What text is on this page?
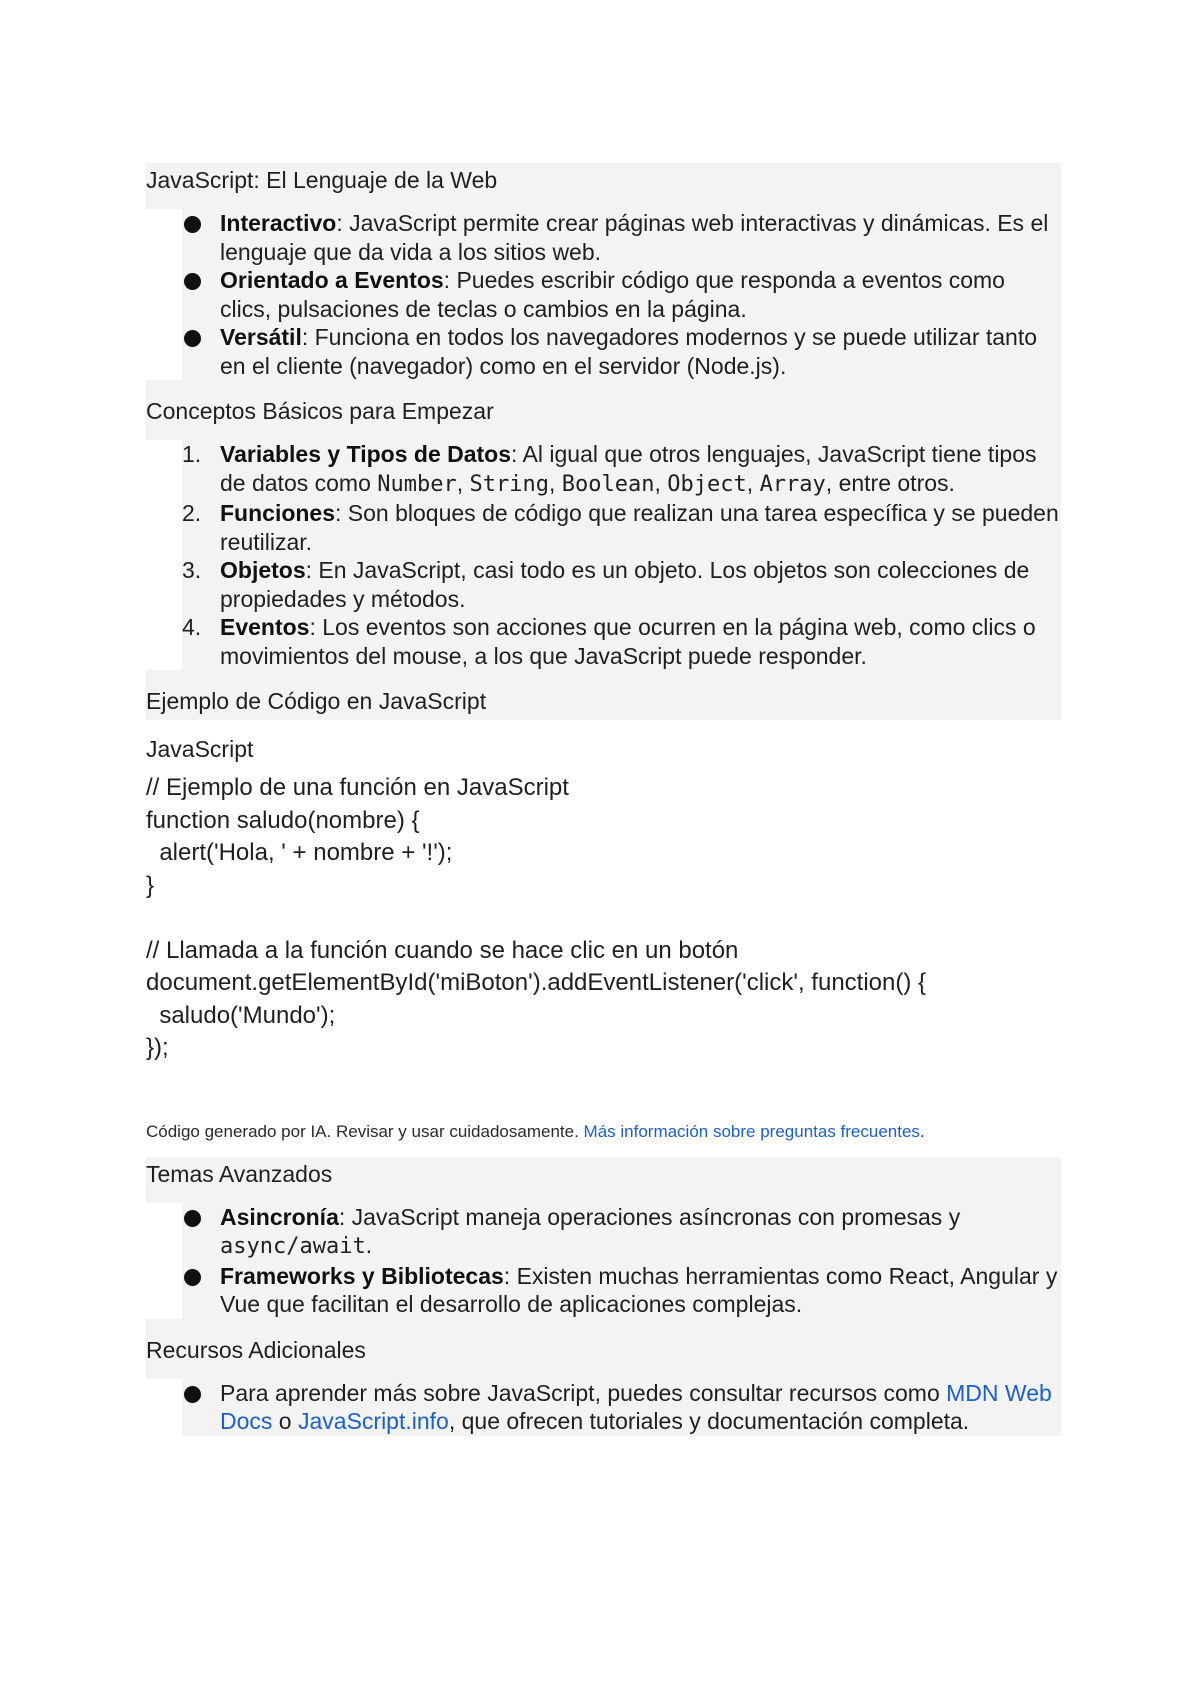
JavaScript: El Lenguaje de la Web
Interactivo: JavaScript permite crear páginas web interactivas y dinámicas. Es el lenguaje que da vida a los sitios web.
Orientado a Eventos: Puedes escribir código que responda a eventos como clics, pulsaciones de teclas o cambios en la página.
Versátil: Funciona en todos los navegadores modernos y se puede utilizar tanto en el cliente (navegador) como en el servidor (Node.js).
Conceptos Básicos para Empezar
1. Variables y Tipos de Datos: Al igual que otros lenguajes, JavaScript tiene tipos de datos como Number, String, Boolean, Object, Array, entre otros.
2. Funciones: Son bloques de código que realizan una tarea específica y se pueden reutilizar.
3. Objetos: En JavaScript, casi todo es un objeto. Los objetos son colecciones de propiedades y métodos.
4. Eventos: Los eventos son acciones que ocurren en la página web, como clics o movimientos del mouse, a los que JavaScript puede responder.
Ejemplo de Código en JavaScript
JavaScript
// Ejemplo de una función en JavaScript
function saludo(nombre) {
alert('Hola, ' + nombre + '!');
}

// Llamada a la función cuando se hace clic en un botón
document.getElementById('miBoton').addEventListener('click', function() {
saludo('Mundo');
});
Código generado por IA. Revisar y usar cuidadosamente. Más información sobre preguntas frecuentes.
Temas Avanzados
Asincronía: JavaScript maneja operaciones asíncronas con promesas y async/await.
Frameworks y Bibliotecas: Existen muchas herramientas como React, Angular y Vue que facilitan el desarrollo de aplicaciones complejas.
Recursos Adicionales
Para aprender más sobre JavaScript, puedes consultar recursos como MDN Web Docs o JavaScript.info, que ofrecen tutoriales y documentación completa.
